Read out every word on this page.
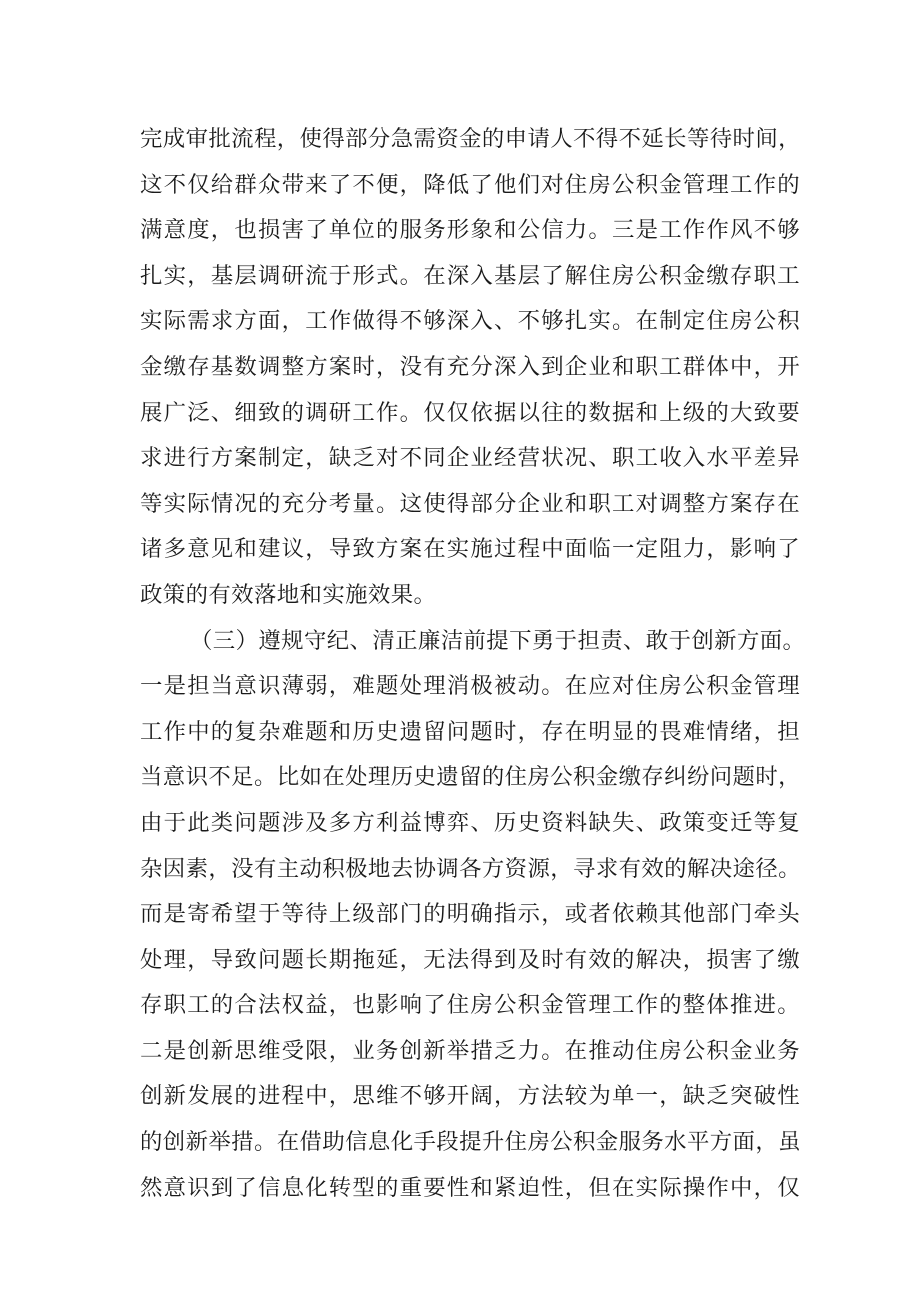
完成审批流程，使得部分急需资金的申请人不得不延长等待时间，
这不仅给群众带来了不便，降低了他们对住房公积金管理工作的
满意度，也损害了单位的服务形象和公信力。三是工作作风不够
扎实，基层调研流于形式。在深入基层了解住房公积金缴存职工
实际需求方面，工作做得不够深入、不够扎实。在制定住房公积
金缴存基数调整方案时，没有充分深入到企业和职工群体中，开
展广泛、细致的调研工作。仅仅依据以往的数据和上级的大致要
求进行方案制定，缺乏对不同企业经营状况、职工收入水平差异
等实际情况的充分考量。这使得部分企业和职工对调整方案存在
诸多意见和建议，导致方案在实施过程中面临一定阻力，影响了
政策的有效落地和实施效果。
（三）遵规守纪、清正廉洁前提下勇于担责、敢于创新方面。
一是担当意识薄弱，难题处理消极被动。在应对住房公积金管理
工作中的复杂难题和历史遗留问题时，存在明显的畏难情绪，担
当意识不足。比如在处理历史遗留的住房公积金缴存纠纷问题时，
由于此类问题涉及多方利益博弈、历史资料缺失、政策变迁等复
杂因素，没有主动积极地去协调各方资源，寻求有效的解决途径。
而是寄希望于等待上级部门的明确指示，或者依赖其他部门牵头
处理，导致问题长期拖延，无法得到及时有效的解决，损害了缴
存职工的合法权益，也影响了住房公积金管理工作的整体推进。
二是创新思维受限，业务创新举措乏力。在推动住房公积金业务
创新发展的进程中，思维不够开阔，方法较为单一，缺乏突破性
的创新举措。在借助信息化手段提升住房公积金服务水平方面，虽
然意识到了信息化转型的重要性和紧迫性，但在实际操作中，仅
